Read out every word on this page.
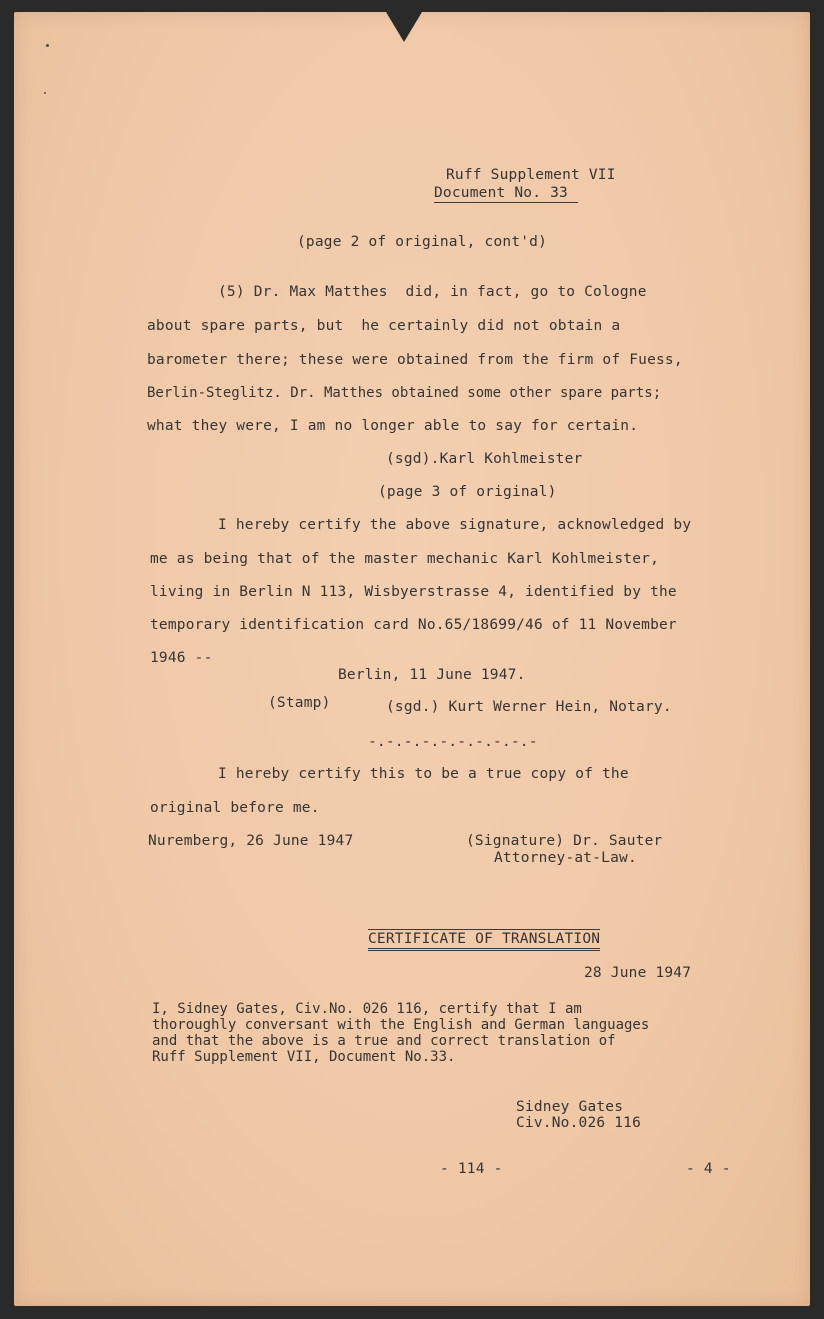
Ruff Supplement VII
Document No. 33
(page 2 of original, cont'd)
(5) Dr. Max Matthes  did, in fact, go to Cologne
about spare parts, but  he certainly did not obtain a
barometer there; these were obtained from the firm of Fuess,
Berlin-Steglitz. Dr. Matthes obtained some other spare parts;
what they were, I am no longer able to say for certain.
(sgd).Karl Kohlmeister
(page 3 of original)
I hereby certify the above signature, acknowledged by
me as being that of the master mechanic Karl Kohlmeister,
living in Berlin N 113, Wisbyerstrasse 4, identified by the
temporary identification card No.65/18699/46 of 11 November
1946 --
Berlin, 11 June 1947.
(Stamp)	(sgd.) Kurt Werner Hein, Notary.
-.-.-.-.-.-.-.-.-.-
I hereby certify this to be a true copy of the
original before me.
Nuremberg, 26 June 1947	(Signature) Dr. Sauter
Attorney-at-Law.
CERTIFICATE OF TRANSLATION
28 June 1947
I, Sidney Gates, Civ.No. 026 116, certify that I am
thoroughly conversant with the English and German languages
and that the above is a true and correct translation of
Ruff Supplement VII, Document No.33.
Sidney Gates
Civ.No.026 116
- 114 -	- 4 -
